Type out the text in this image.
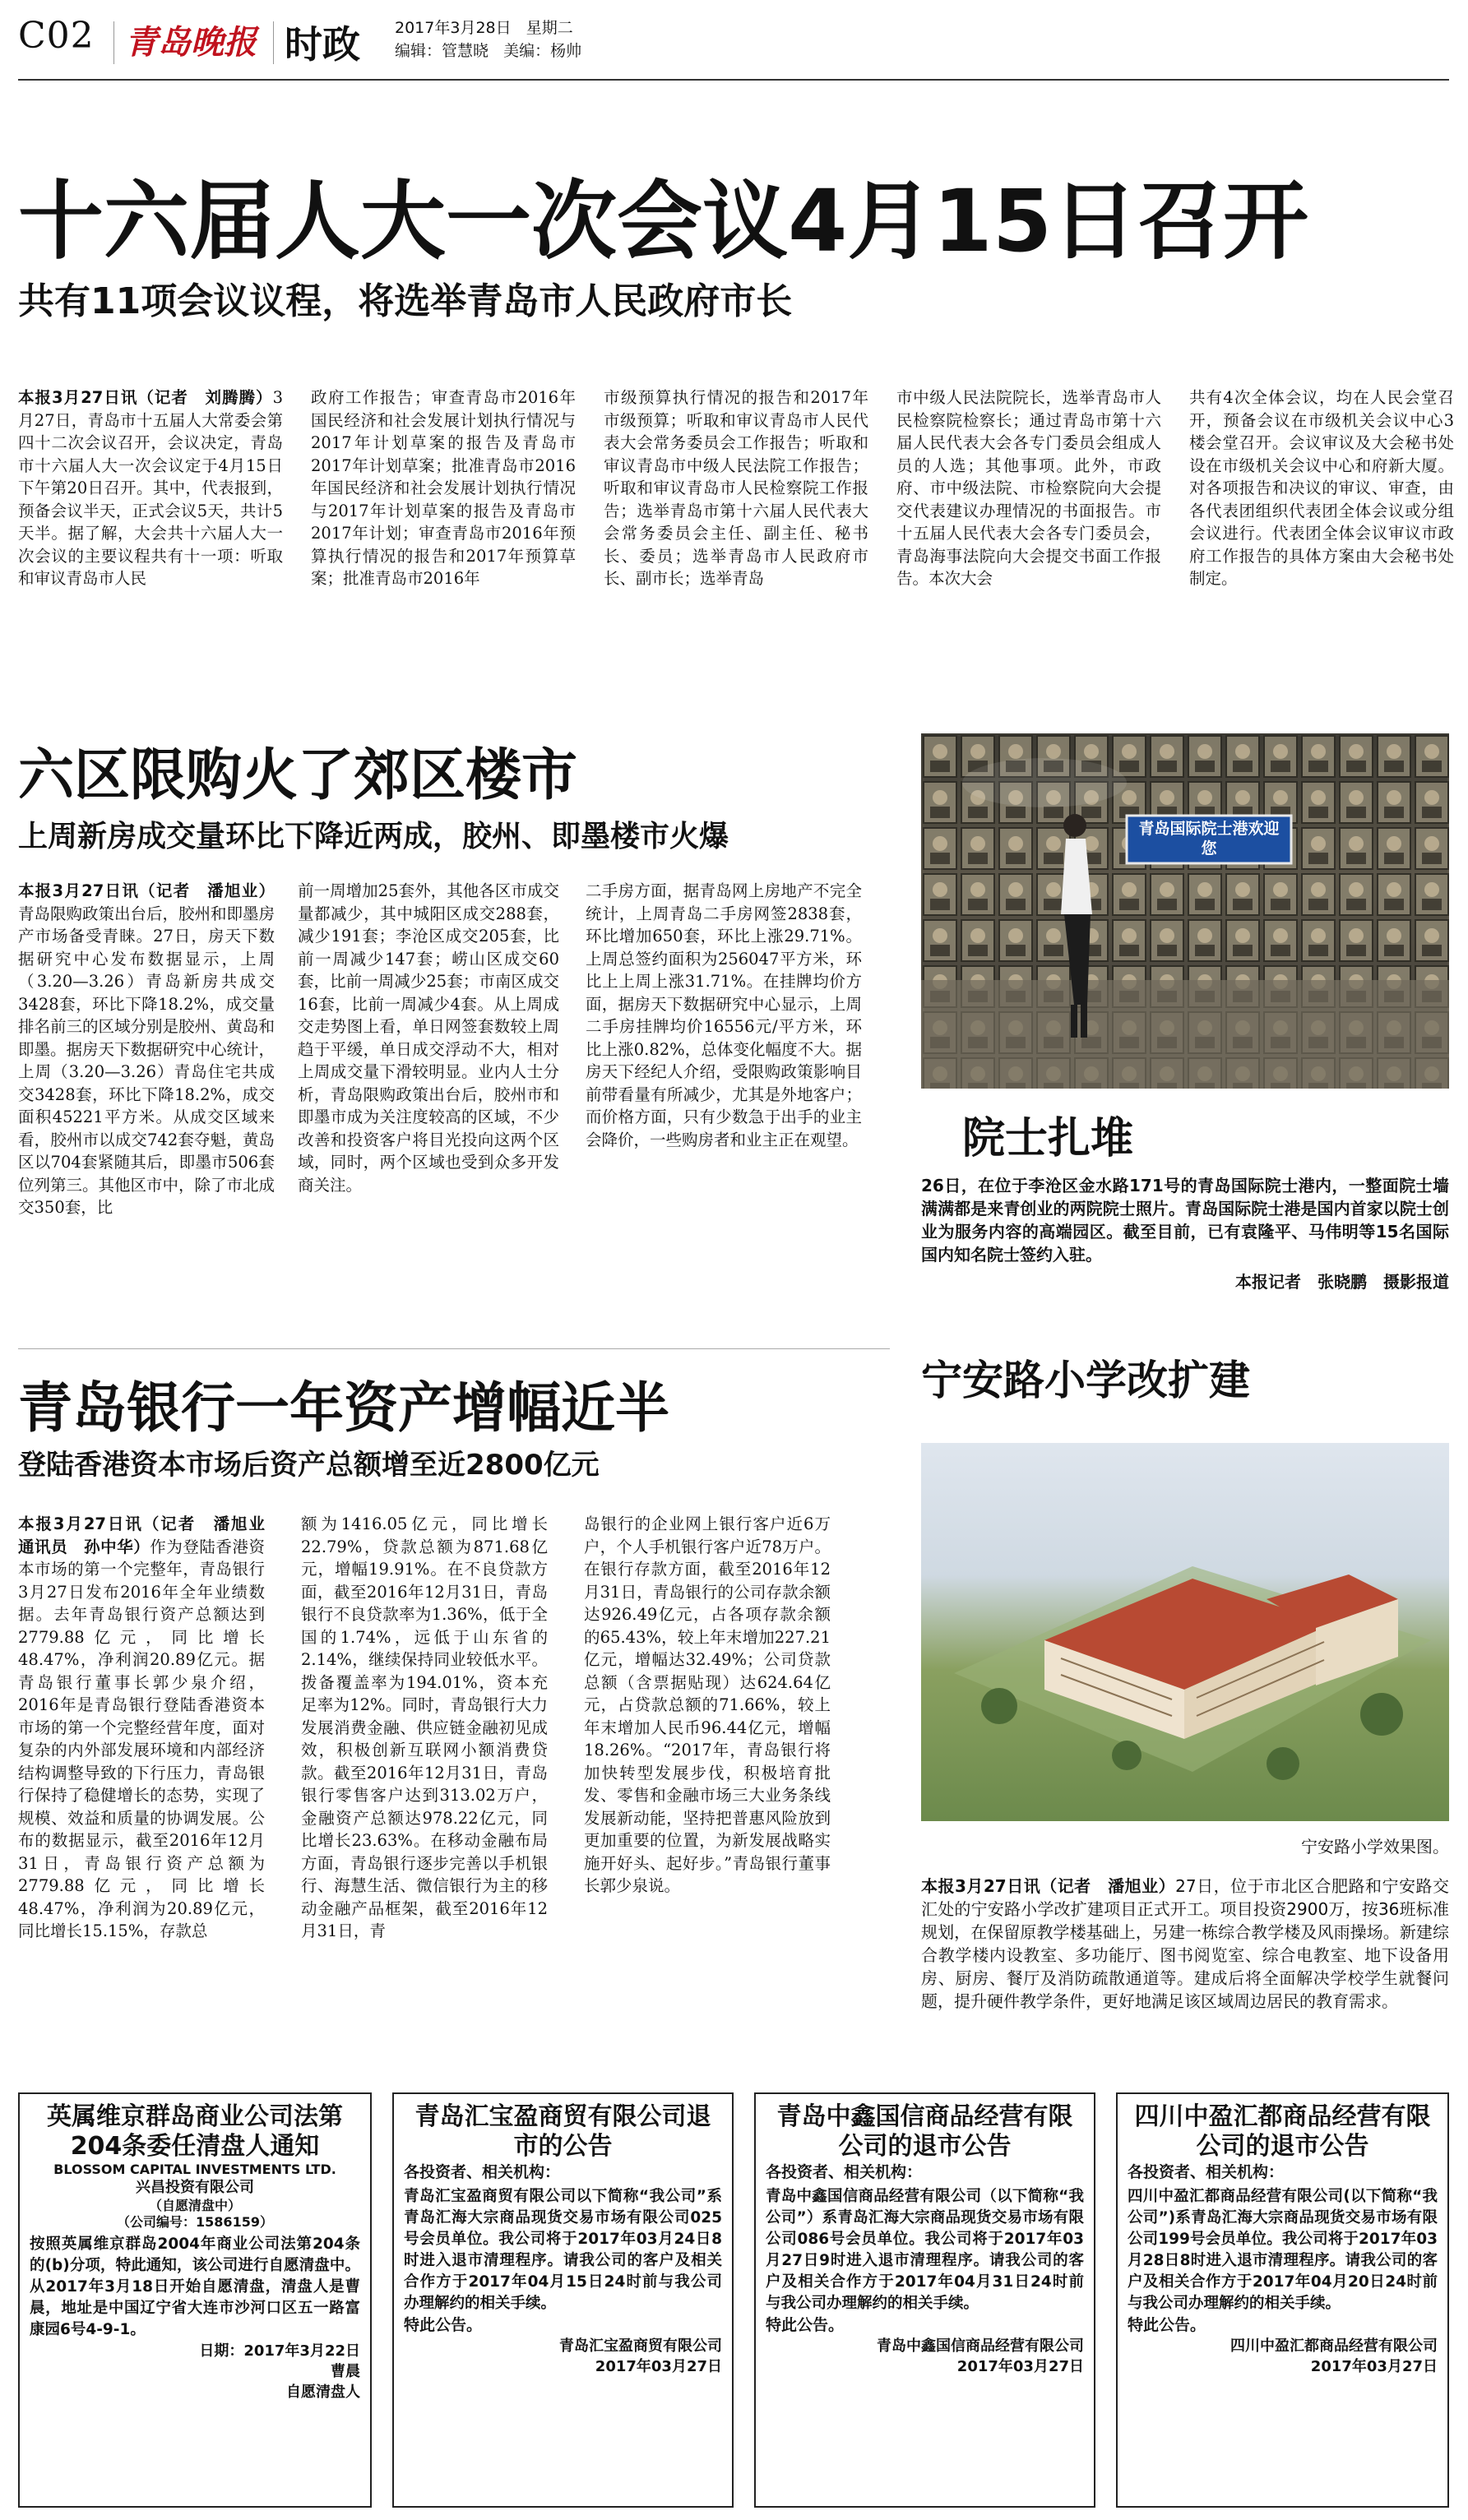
C02 青岛晚报 时政 2017年3月28日 星期二
编辑：管慧晓 美编：杨帅
十六届人大一次会议4月15日召开
共有11项会议议程，将选举青岛市人民政府市长
本报3月27日讯（记者　刘腾腾）3月27日，青岛市十五届人大常委会第四十二次会议召开，会议决定，青岛市十六届人大一次会议定于4月15日下午第20日召开。其中，代表报到，预备会议半天，正式会议5天，共计5天半。据了解，大会共十六届人大一次会议的主要议程共有十一项：听取和审议青岛市人民
政府工作报告；审查青岛市2016年国民经济和社会发展计划执行情况与2017年计划草案的报告及青岛市2017年计划草案；批准青岛市2016年国民经济和社会发展计划执行情况与2017年计划草案的报告及青岛市2017年计划；审查青岛市2016年预算执行情况的报告和2017年预算草案；批准青岛市2016年
市级预算执行情况的报告和2017年市级预算；听取和审议青岛市人民代表大会常务委员会工作报告；听取和审议青岛市中级人民法院工作报告；听取和审议青岛市人民检察院工作报告；选举青岛市第十六届人民代表大会常务委员会主任、副主任、秘书长、委员；选举青岛市人民政府市长、副市长；选举青岛
市中级人民法院院长，选举青岛市人民检察院检察长；通过青岛市第十六届人民代表大会各专门委员会组成人员的人选；其他事项。此外，市政府、市中级法院、市检察院向大会提交代表建议办理情况的书面报告。市十五届人民代表大会各专门委员会，青岛海事法院向大会提交书面工作报告。本次大会
共有4次全体会议，均在人民会堂召开，预备会议在市级机关会议中心3楼会堂召开。会议审议及大会秘书处设在市级机关会议中心和府新大厦。对各项报告和决议的审议、审查，由各代表团组织代表团全体会议或分组会议进行。代表团全体会议审议市政府工作报告的具体方案由大会秘书处制定。
六区限购火了郊区楼市
上周新房成交量环比下降近两成，胶州、即墨楼市火爆
本报3月27日讯（记者　潘旭业）青岛限购政策出台后，胶州和即墨房产市场备受青睐。27日，房天下数据研究中心发布数据显示，上周（3.20—3.26）青岛新房共成交3428套，环比下降18.2%，成交量排名前三的区域分别是胶州、黄岛和即墨。据房天下数据研究中心统计，上周（3.20—3.26）青岛住宅共成交3428套，环比下降18.2%，成交面积45221平方米。从成交区域来看，胶州市以成交742套夺魁，黄岛区以704套紧随其后，即墨市506套位列第三。其他区市中，除了市北成交350套，比
前一周增加25套外，其他各区市成交量都减少，其中城阳区成交288套，减少191套；李沧区成交205套，比前一周减少147套；崂山区成交60套，比前一周减少25套；市南区成交16套，比前一周减少4套。从上周成交走势图上看，单日网签套数较上周趋于平缓，单日成交浮动不大，相对上周成交量下滑较明显。业内人士分析，青岛限购政策出台后，胶州市和即墨市成为关注度较高的区域，不少改善和投资客户将目光投向这两个区域，同时，两个区域也受到众多开发商关注。
二手房方面，据青岛网上房地产不完全统计，上周青岛二手房网签2838套，环比增加650套，环比上涨29.71%。上周总签约面积为256047平方米，环比上上周上涨31.71%。在挂牌均价方面，据房天下数据研究中心显示，上周二手房挂牌均价16556元/平方米，环比上涨0.82%，总体变化幅度不大。据房天下经纪人介绍，受限购政策影响目前带看量有所减少，尤其是外地客户；而价格方面，只有少数急于出手的业主会降价，一些购房者和业主正在观望。
青岛国际院士港欢迎您
院士扎堆
26日，在位于李沧区金水路171号的青岛国际院士港内，一整面院士墙满满都是来青创业的两院院士照片。青岛国际院士港是国内首家以院士创业为服务内容的高端园区。截至目前，已有袁隆平、马伟明等15名国际国内知名院士签约入驻。
本报记者　张晓鹏　摄影报道
青岛银行一年资产增幅近半
登陆香港资本市场后资产总额增至近2800亿元
本报3月27日讯（记者　潘旭业　通讯员　孙中华）作为登陆香港资本市场的第一个完整年，青岛银行3月27日发布2016年全年业绩数据。去年青岛银行资产总额达到2779.88亿元，同比增长48.47%，净利润20.89亿元。据青岛银行董事长郭少泉介绍，2016年是青岛银行登陆香港资本市场的第一个完整经营年度，面对复杂的内外部发展环境和内部经济结构调整导致的下行压力，青岛银行保持了稳健增长的态势，实现了规模、效益和质量的协调发展。公布的数据显示，截至2016年12月31日，青岛银行资产总额为2779.88亿元，同比增长48.47%，净利润为20.89亿元，同比增长15.15%，存款总
额为1416.05亿元，同比增长22.79%，贷款总额为871.68亿元，增幅19.91%。在不良贷款方面，截至2016年12月31日，青岛银行不良贷款率为1.36%，低于全国的1.74%，远低于山东省的2.14%，继续保持同业较低水平。拨备覆盖率为194.01%，资本充足率为12%。同时，青岛银行大力发展消费金融、供应链金融初见成效，积极创新互联网小额消费贷款。截至2016年12月31日，青岛银行零售客户达到313.02万户，金融资产总额达978.22亿元，同比增长23.63%。在移动金融布局方面，青岛银行逐步完善以手机银行、海慧生活、微信银行为主的移动金融产品框架，截至2016年12月31日，青
岛银行的企业网上银行客户近6万户，个人手机银行客户近78万户。在银行存款方面，截至2016年12月31日，青岛银行的公司存款余额达926.49亿元，占各项存款余额的65.43%，较上年末增加227.21亿元，增幅达32.49%；公司贷款总额（含票据贴现）达624.64亿元，占贷款总额的71.66%，较上年末增加人民币96.44亿元，增幅18.26%。“2017年，青岛银行将加快转型发展步伐，积极培育批发、零售和金融市场三大业务条线发展新动能，坚持把普惠风险放到更加重要的位置，为新发展战略实施开好头、起好步。”青岛银行董事长郭少泉说。
宁安路小学改扩建
宁安路小学效果图。
本报3月27日讯（记者　潘旭业）27日，位于市北区合肥路和宁安路交汇处的宁安路小学改扩建项目正式开工。项目投资2900万，按36班标准规划，在保留原教学楼基础上，另建一栋综合教学楼及风雨操场。新建综合教学楼内设教室、多功能厅、图书阅览室、综合电教室、地下设备用房、厨房、餐厅及消防疏散通道等。建成后将全面解决学校学生就餐问题，提升硬件教学条件，更好地满足该区域周边居民的教育需求。
英属维京群岛商业公司法第204条委任清盘人通知
BLOSSOM CAPITAL INVESTMENTS LTD.
兴昌投资有限公司
（自愿清盘中）
（公司编号：1586159）
按照英属维京群岛2004年商业公司法第204条的(b)分项，特此通知，该公司进行自愿清盘中。从2017年3月18日开始自愿清盘，清盘人是曹晨，地址是中国辽宁省大连市沙河口区五一路富康园6号4-9-1。
日期：2017年3月22日
曹晨
自愿清盘人
青岛汇宝盈商贸有限公司退市的公告
各投资者、相关机构：
青岛汇宝盈商贸有限公司以下简称“我公司”系青岛汇海大宗商品现货交易市场有限公司025号会员单位。我公司将于2017年03月24日8时进入退市清理程序。请我公司的客户及相关合作方于2017年04月15日24时前与我公司办理解约的相关手续。
特此公告。
青岛汇宝盈商贸有限公司
2017年03月27日
青岛中鑫国信商品经营有限公司的退市公告
各投资者、相关机构：
青岛中鑫国信商品经营有限公司（以下简称“我公司”）系青岛汇海大宗商品现货交易市场有限公司086号会员单位。我公司将于2017年03月27日9时进入退市清理程序。请我公司的客户及相关合作方于2017年04月31日24时前与我公司办理解约的相关手续。
特此公告。
青岛中鑫国信商品经营有限公司
2017年03月27日
四川中盈汇都商品经营有限公司的退市公告
各投资者、相关机构：
四川中盈汇都商品经营有限公司(以下简称“我公司”)系青岛汇海大宗商品现货交易市场有限公司199号会员单位。我公司将于2017年03月28日8时进入退市清理程序。请我公司的客户及相关合作方于2017年04月20日24时前与我公司办理解约的相关手续。
特此公告。
四川中盈汇都商品经营有限公司
2017年03月27日
